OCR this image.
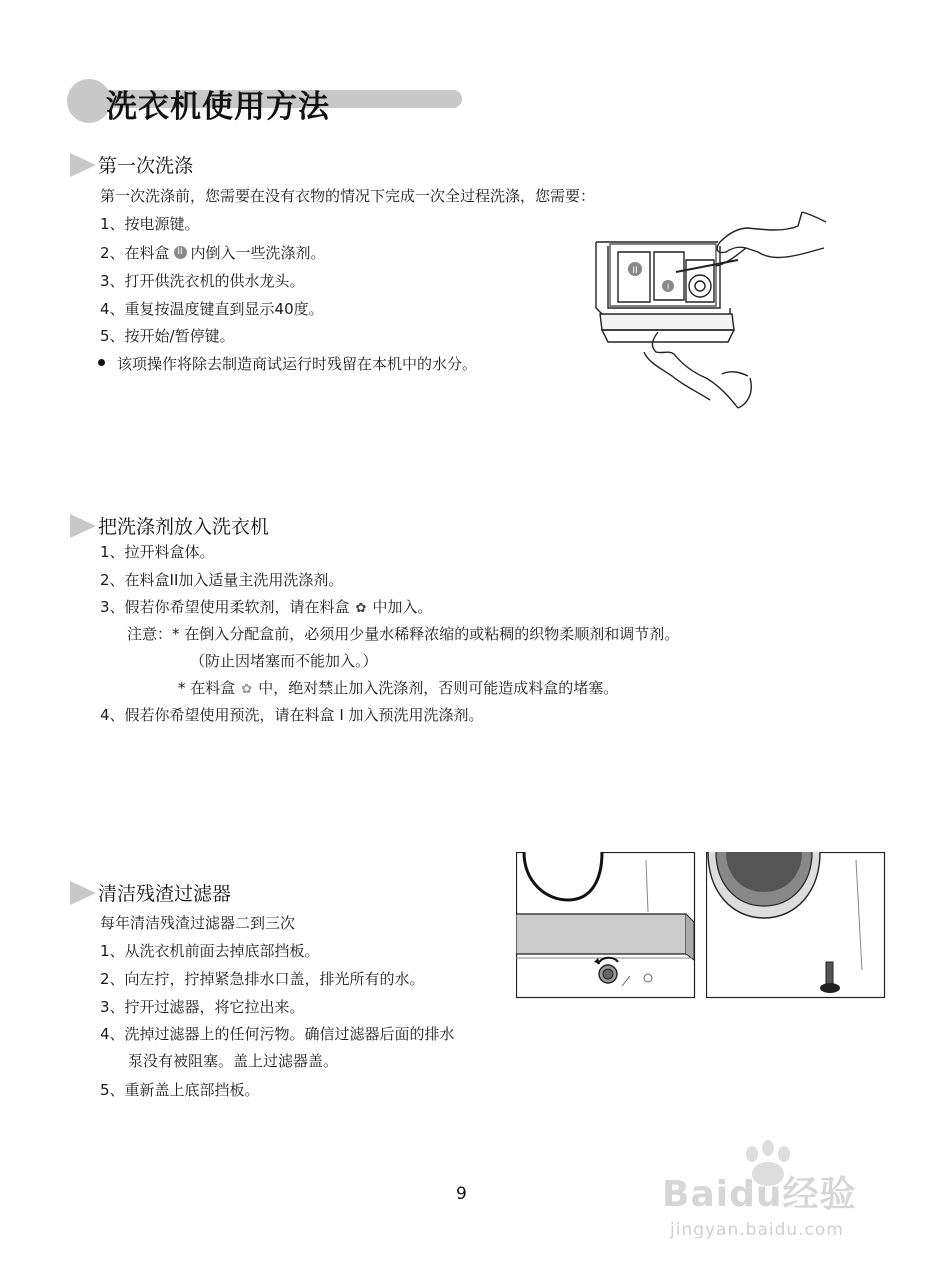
洗衣机使用方法
第一次洗涤
第一次洗涤前，您需要在没有衣物的情况下完成一次全过程洗涤，您需要：
1、按电源键。
2、在料盒 II 内倒入一些洗涤剂。
3、打开供洗衣机的供水龙头。
4、重复按温度键直到显示40度。
5、按开始/暂停键。
该项操作将除去制造商试运行时残留在本机中的水分。
II
I
把洗涤剂放入洗衣机
1、拉开料盒体。
2、在料盒II加入适量主洗用洗涤剂。
3、假若你希望使用柔软剂，请在料盒 ✿ 中加入。
注意：* 在倒入分配盒前，必须用少量水稀释浓缩的或粘稠的织物柔顺剂和调节剂。
（防止因堵塞而不能加入。）
* 在料盒 ✿ 中，绝对禁止加入洗涤剂，否则可能造成料盒的堵塞。
4、假若你希望使用预洗，请在料盒 I 加入预洗用洗涤剂。
清洁残渣过滤器
每年清洁残渣过滤器二到三次
1、从洗衣机前面去掉底部挡板。
2、向左拧，拧掉紧急排水口盖，排光所有的水。
3、拧开过滤器，将它拉出来。
4、洗掉过滤器上的任何污物。确信过滤器后面的排水
泵没有被阻塞。盖上过滤器盖。
5、重新盖上底部挡板。
9	Baidu经验
jingyan.baidu.com
